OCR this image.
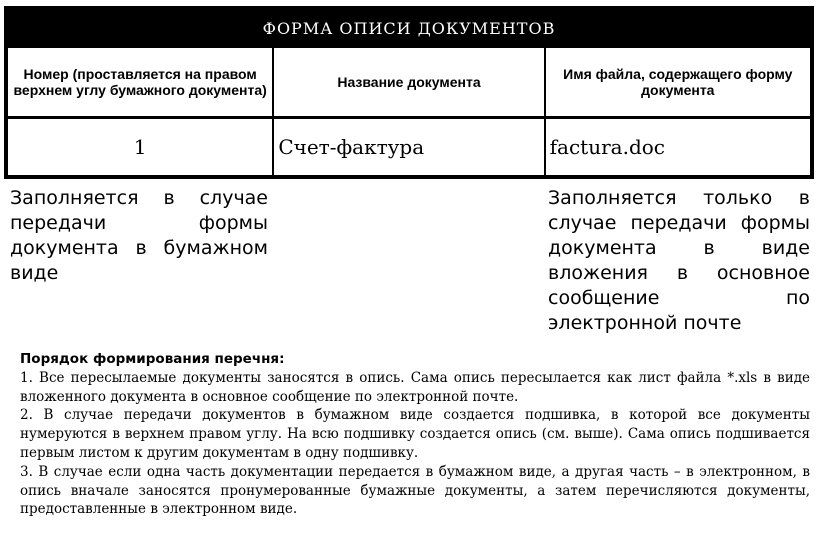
ФОРМА ОПИСИ ДОКУМЕНТОВ		
Номер (проставляется на правом верхнем углу бумажного документа)	Название документа	Имя файла, содержащего форму документа
1	Счет-фактура	factura.doc
Заполняется в случае передачи формы документа в бумажном виде
Заполняется только в случае передачи формы документа в виде вложения в основное сообщение по электронной почте
Порядок формирования перечня:
1. Все пересылаемые документы заносятся в опись. Сама опись пересылается как лист файла *.xls в виде вложенного документа в основное сообщение по электронной почте.
2. В случае передачи документов в бумажном виде создается подшивка, в которой все документы нумеруются в верхнем правом углу. На всю подшивку создается опись (см. выше). Сама опись подшивается первым листом к другим документам в одну подшивку.
3. В случае если одна часть документации передается в бумажном виде, а другая часть – в электронном, в опись вначале заносятся пронумерованные бумажные документы, а затем перечисляются документы, предоставленные в электронном виде.
